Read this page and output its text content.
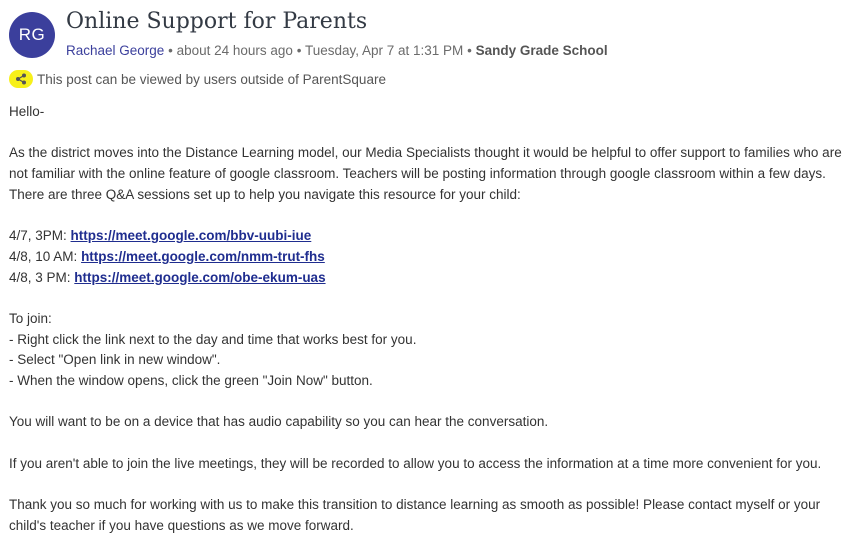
RG
Online Support for Parents
Rachael George • about 24 hours ago • Tuesday, Apr 7 at 1:31 PM • Sandy Grade School
This post can be viewed by users outside of ParentSquare

Hello-

As the district moves into the Distance Learning model, our Media Specialists thought it would be helpful to offer support to families who are not familiar with the online feature of google classroom. Teachers will be posting information through google classroom within a few days. There are three Q&A sessions set up to help you navigate this resource for your child:

4/7, 3PM: https://meet.google.com/bbv-uubi-iue

4/8, 10 AM: https://meet.google.com/nmm-trut-fhs

4/8, 3 PM: https://meet.google.com/obe-ekum-uas

To join:

- Right click the link next to the day and time that works best for you.

- Select "Open link in new window".

- When the window opens, click the green "Join Now" button.

You will want to be on a device that has audio capability so you can hear the conversation.

If you aren't able to join the live meetings, they will be recorded to allow you to access the information at a time more convenient for you.

Thank you so much for working with us to make this transition to distance learning as smooth as possible! Please contact myself or your child's teacher if you have questions as we move forward.
